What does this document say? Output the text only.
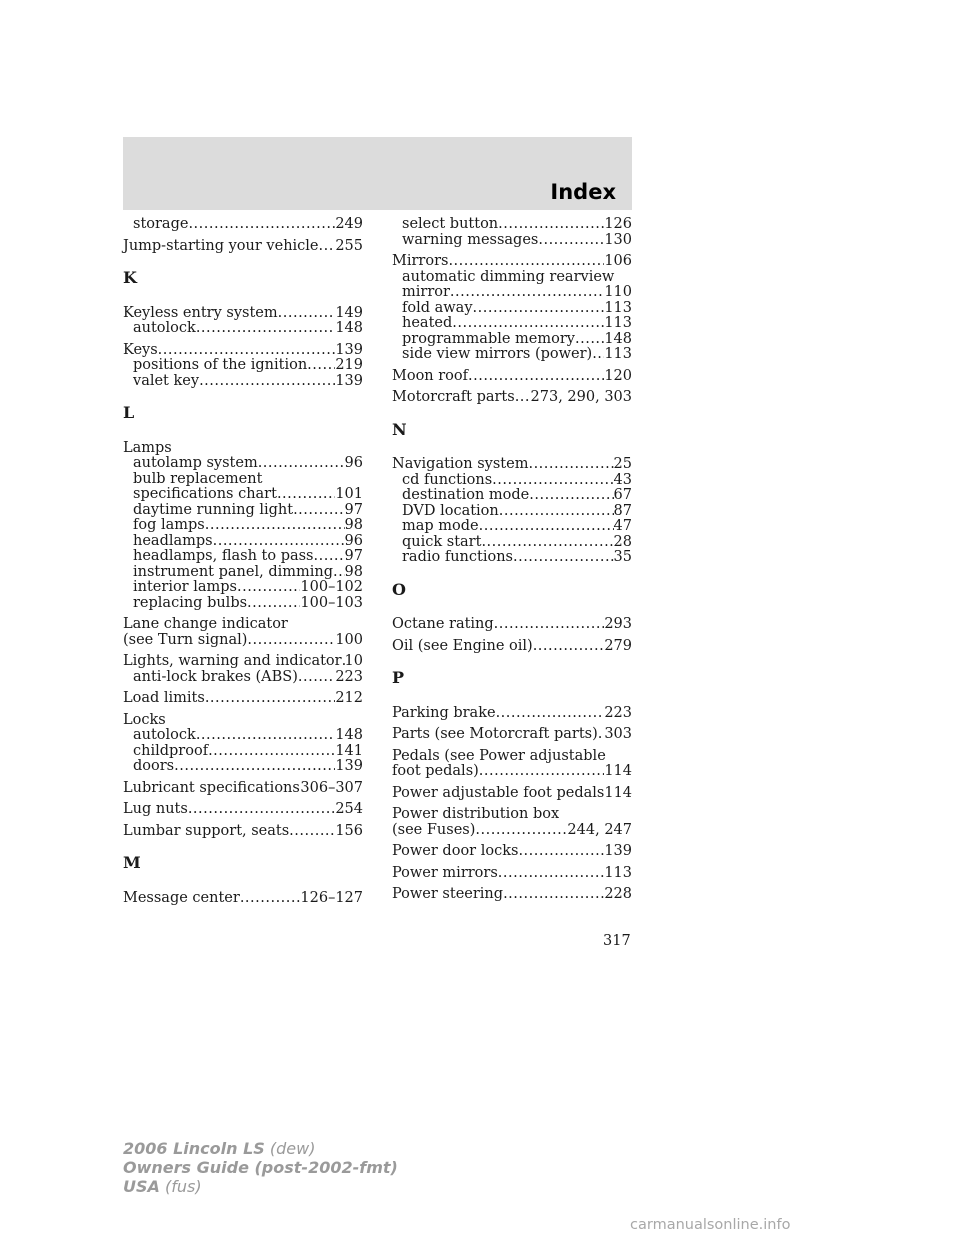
Index
storage .....	249
Jump-starting your vehicle ..... 255
K
Keyless entry system .....	149
autolock .....	148
Keys .....	139
positions of the ignition ..... 219
valet key .....	139
L
Lamps
autolamp system .....	96
bulb replacement
specifications chart .....	101
daytime running light .....	97
fog lamps .....	98
headlamps .....	96
headlamps, flash to pass ..... 97
instrument panel, dimming ..... 98
interior lamps .....	100–102
replacing bulbs .....	100–103
Lane change indicator
(see Turn signal) .....	100
Lights, warning and indicator ..... 10
anti-lock brakes (ABS) .....	223
Load limits .....	212
Locks
autolock .....	148
childproof .....	141
doors .....	139
Lubricant specifications ..... 306–307
Lug nuts .....	254
Lumbar support, seats .....	156
M
Message center .....	126–127
select button .....	126
warning messages .....	130
Mirrors .....	106
automatic dimming rearview
mirror .....	110
fold away .....	113
heated .....	113
programmable memory ..... 148
side view mirrors (power) ..... 113
Moon roof .....	120
Motorcraft parts ..... 273, 290, 303
N
Navigation system .....	25
cd functions .....	43
destination mode .....	67
DVD location .....	87
map mode .....	47
quick start .....	28
radio functions .....	35
O
Octane rating .....	293
Oil (see Engine oil) .....	279
P
Parking brake .....	223
Parts (see Motorcraft parts) ..... 303
Pedals (see Power adjustable
foot pedals) .....	114
Power adjustable foot pedals 114
Power distribution box
(see Fuses) .....	244, 247
Power door locks .....	139
Power mirrors .....	113
Power steering .....	228
317
2006 Lincoln LS (dew)
Owners Guide (post-2002-fmt)
USA (fus)
carmanualsonline.info
